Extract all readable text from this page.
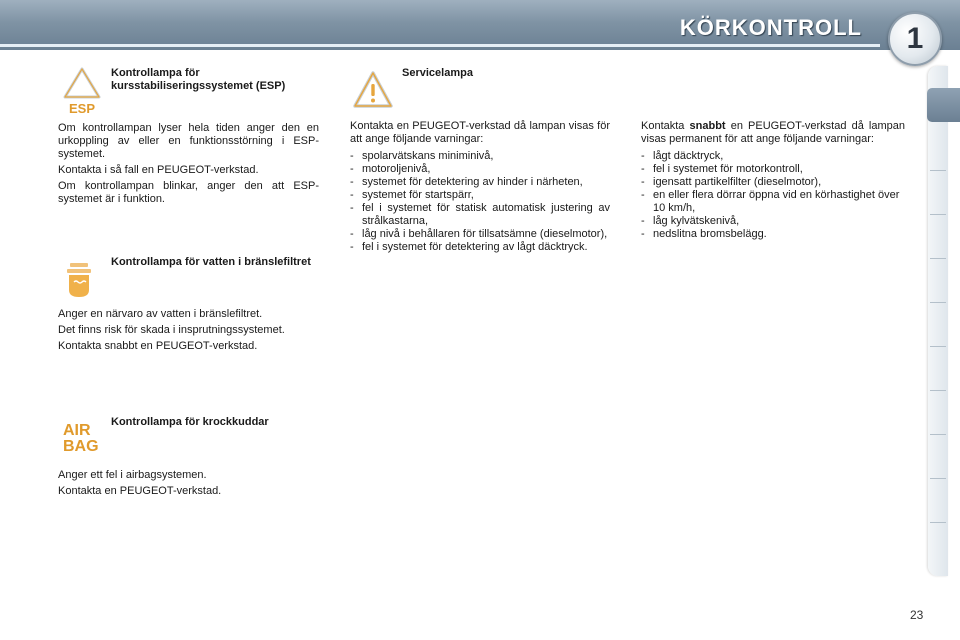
KÖRKONTROLL	1
ESP
Kontrollampa för kursstabiliseringssystemet (ESP)

Om kontrollampan lyser hela tiden anger den en urkoppling av eller en funktionsstörning i ESP-systemet.

Kontakta i så fall en PEUGEOT-verkstad.

Om kontrollampan blinkar, anger den att ESP-systemet är i funktion.

Kontrollampa för vatten i bränslefiltret

Anger en närvaro av vatten i bränslefiltret.

Det finns risk för skada i insprutningssystemet.

Kontakta snabbt en PEUGEOT-verkstad.

AIR
BAG
Kontrollampa för krockkuddar

Anger ett fel i airbagsystemen.

Kontakta en PEUGEOT-verkstad.

Servicelampa

Kontakta en PEUGEOT-verkstad då lampan visas för att ange följande varningar:

- spolarvätskans miniminivå,
- motoroljenivå,
- systemet för detektering av hinder i närheten,
- systemet för startspärr,
- fel i systemet för statisk automatisk justering av strålkastarna,
- låg nivå i behållaren för tillsatsämne (dieselmotor),
- fel i systemet för detektering av lågt däcktryck.

Kontakta snabbt en PEUGEOT-verkstad då lampan visas permanent för att ange följande varningar:

- lågt däcktryck,
- fel i systemet för motorkontroll,
- igensatt partikelfilter (dieselmotor),
- en eller flera dörrar öppna vid en körhastighet över 10 km/h,
- låg kylvätskenivå,
- nedslitna bromsbelägg.
23
